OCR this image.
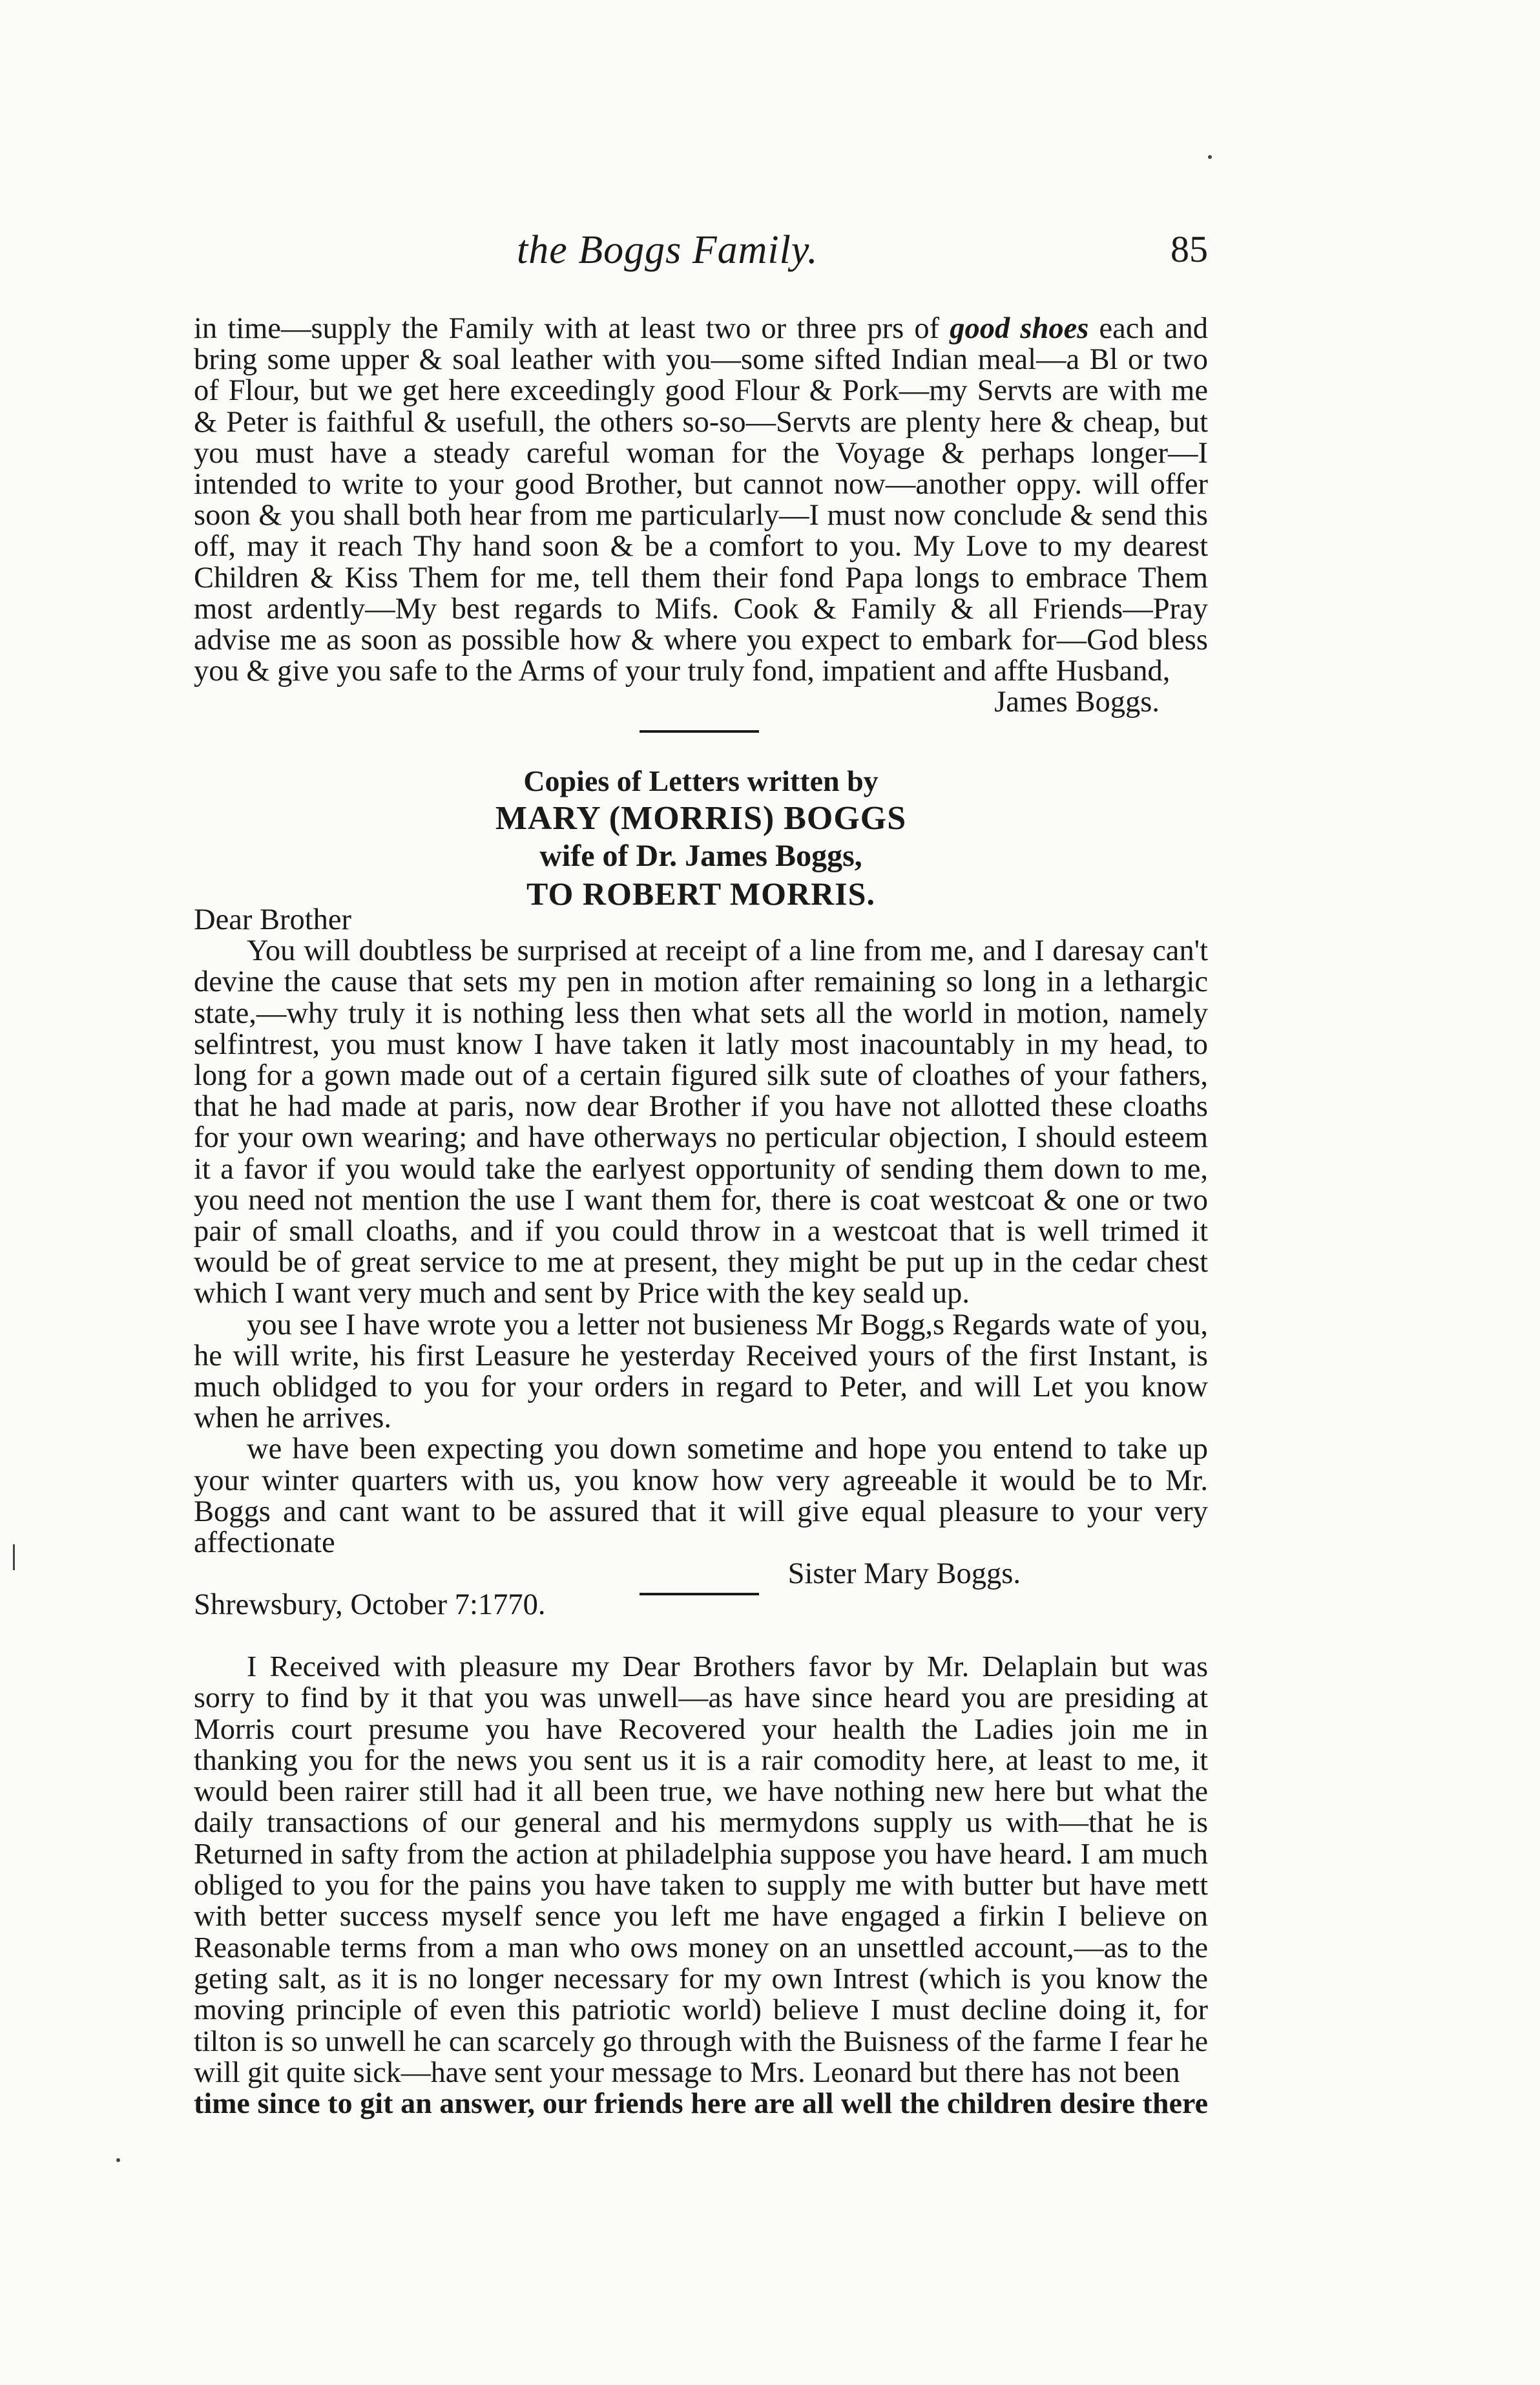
the Boggs Family.	85

in time—supply the Family with at least two or three prs of good shoes each and bring some upper & soal leather with you—some sifted Indian meal—a Bl or two of Flour, but we get here exceedingly good Flour & Pork—my Servts are with me & Peter is faithful & usefull, the others so-so—Servts are plenty here & cheap, but you must have a steady careful woman for the Voyage & perhaps longer—I intended to write to your good Brother, but cannot now—another oppy. will offer soon & you shall both hear from me particularly—I must now conclude & send this off, may it reach Thy hand soon & be a comfort to you. My Love to my dearest Children & Kiss Them for me, tell them their fond Papa longs to embrace Them most ardently—My best regards to Mifs. Cook & Family & all Friends—Pray advise me as soon as possible how & where you expect to embark for—God bless you & give you safe to the Arms of your truly fond, impatient and affte Husband,

James Boggs.

Copies of Letters written by
MARY (MORRIS) BOGGS
wife of Dr. James Boggs,
TO ROBERT MORRIS.

Dear Brother

You will doubtless be surprised at receipt of a line from me, and I daresay can't devine the cause that sets my pen in motion after remaining so long in a lethargic state,—why truly it is nothing less then what sets all the world in motion, namely selfintrest, you must know I have taken it latly most inacountably in my head, to long for a gown made out of a certain figured silk sute of cloathes of your fathers, that he had made at paris, now dear Brother if you have not allotted these cloaths for your own wearing; and have otherways no perticular objection, I should esteem it a favor if you would take the earlyest opportunity of sending them down to me, you need not mention the use I want them for, there is coat westcoat & one or two pair of small cloaths, and if you could throw in a westcoat that is well trimed it would be of great service to me at present, they might be put up in the cedar chest which I want very much and sent by Price with the key seald up.

you see I have wrote you a letter not busieness Mr Bogg,s Regards wate of you, he will write, his first Leasure he yesterday Received yours of the first Instant, is much oblidged to you for your orders in regard to Peter, and will Let you know when he arrives.

we have been expecting you down sometime and hope you entend to take up your winter quarters with us, you know how very agreeable it would be to Mr. Boggs and cant want to be assured that it will give equal pleasure to your very affectionate

Sister Mary Boggs.

Shrewsbury, October 7:1770.

I Received with pleasure my Dear Brothers favor by Mr. Delaplain but was sorry to find by it that you was unwell—as have since heard you are presiding at Morris court presume you have Recovered your health the Ladies join me in thanking you for the news you sent us it is a rair comodity here, at least to me, it would been rairer still had it all been true, we have nothing new here but what the daily transactions of our general and his mermydons supply us with—that he is Returned in safty from the action at philadelphia suppose you have heard. I am much obliged to you for the pains you have taken to supply me with butter but have mett with better success myself sence you left me have engaged a firkin I believe on Reasonable terms from a man who ows money on an unsettled account,—as to the geting salt, as it is no longer necessary for my own Intrest (which is you know the moving principle of even this patriotic world) believe I must decline doing it, for tilton is so unwell he can scarcely go through with the Buisness of the farme I fear he will git quite sick—have sent your message to Mrs. Leonard but there has not been

time since to git an answer, our friends here are all well the children desire there
